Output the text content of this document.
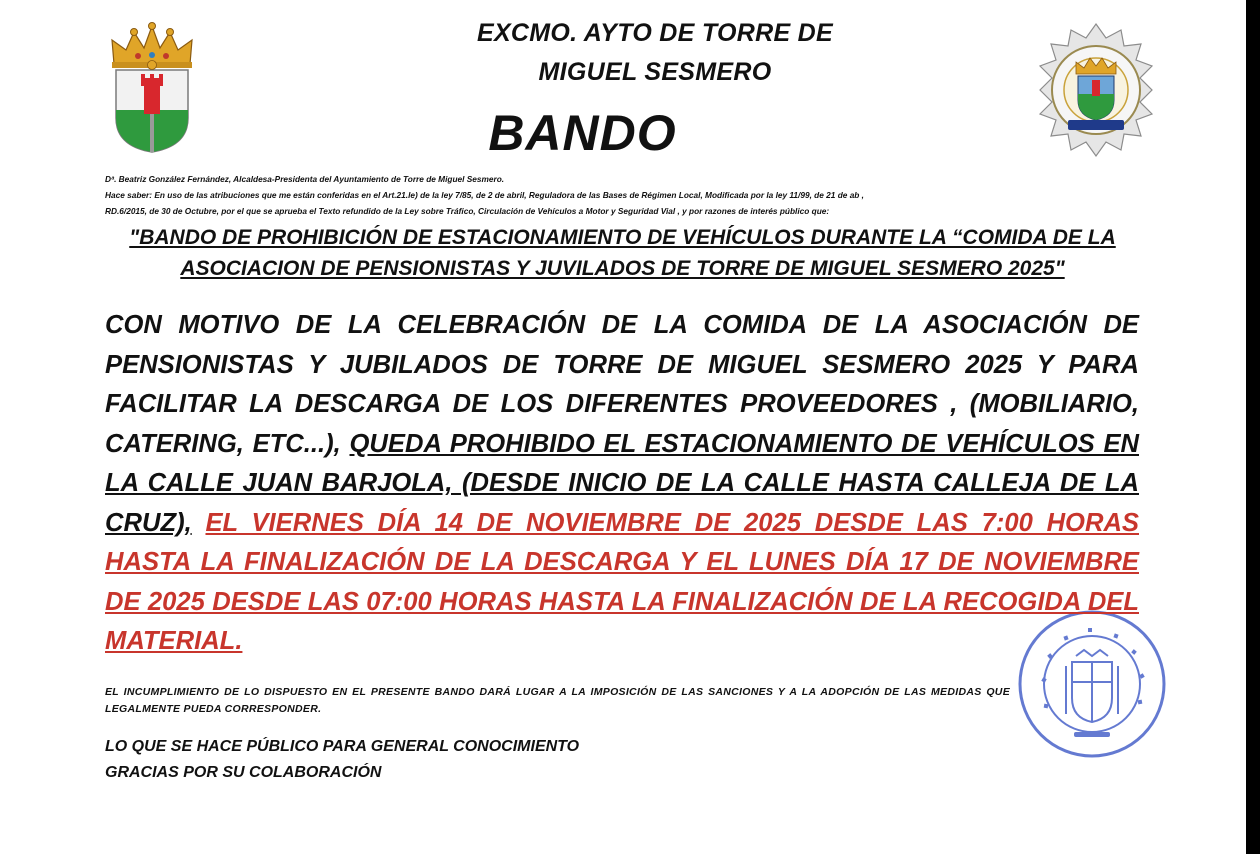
EXCMO. AYTO DE TORRE DE
MIGUEL SESMERO
BANDO
Dª. Beatriz González Fernández, Alcaldesa-Presidenta del Ayuntamiento de Torre de Miguel Sesmero.
Hace saber: En uso de las atribuciones que me están conferidas en el Art.21.le) de la ley 7/85, de 2 de abril, Reguladora de las Bases de Régimen Local, Modificada por la ley 11/99, de 21 de ab ,
RD.6/2015, de 30 de Octubre, por el que se aprueba el Texto refundido de la Ley sobre Tráfico, Circulación de Vehículos a Motor y Seguridad Vial , y por razones de interés público que:
"BANDO DE PROHIBICIÓN DE ESTACIONAMIENTO DE VEHÍCULOS DURANTE LA “COMIDA DE LA
ASOCIACION DE PENSIONISTAS Y JUVILADOS DE TORRE DE MIGUEL SESMERO 2025"
CON MOTIVO DE LA CELEBRACIÓN DE LA COMIDA DE LA ASOCIACIÓN DE PENSIONISTAS Y JUBILADOS DE TORRE DE MIGUEL SESMERO 2025 Y PARA FACILITAR LA DESCARGA DE LOS DIFERENTES PROVEEDORES , (MOBILIARIO, CATERING, ETC...), QUEDA PROHIBIDO EL ESTACIONAMIENTO DE VEHÍCULOS EN LA CALLE JUAN BARJOLA, (DESDE INICIO DE LA CALLE HASTA CALLEJA DE LA CRUZ), EL VIERNES DÍA 14 DE NOVIEMBRE DE 2025 DESDE LAS 7:00 HORAS HASTA LA FINALIZACIÓN DE LA DESCARGA Y EL LUNES DÍA 17 DE NOVIEMBRE DE 2025 DESDE LAS 07:00 HORAS HASTA LA FINALIZACIÓN DE LA RECOGIDA DEL MATERIAL.
EL INCUMPLIMIENTO DE LO DISPUESTO EN EL PRESENTE BANDO DARÁ LUGAR A LA IMPOSICIÓN DE LAS SANCIONES Y A LA ADOPCIÓN DE LAS MEDIDAS QUE LEGALMENTE PUEDA CORRESPONDER.
LO QUE SE HACE PÚBLICO PARA GENERAL CONOCIMIENTO
GRACIAS POR SU COLABORACIÓN
